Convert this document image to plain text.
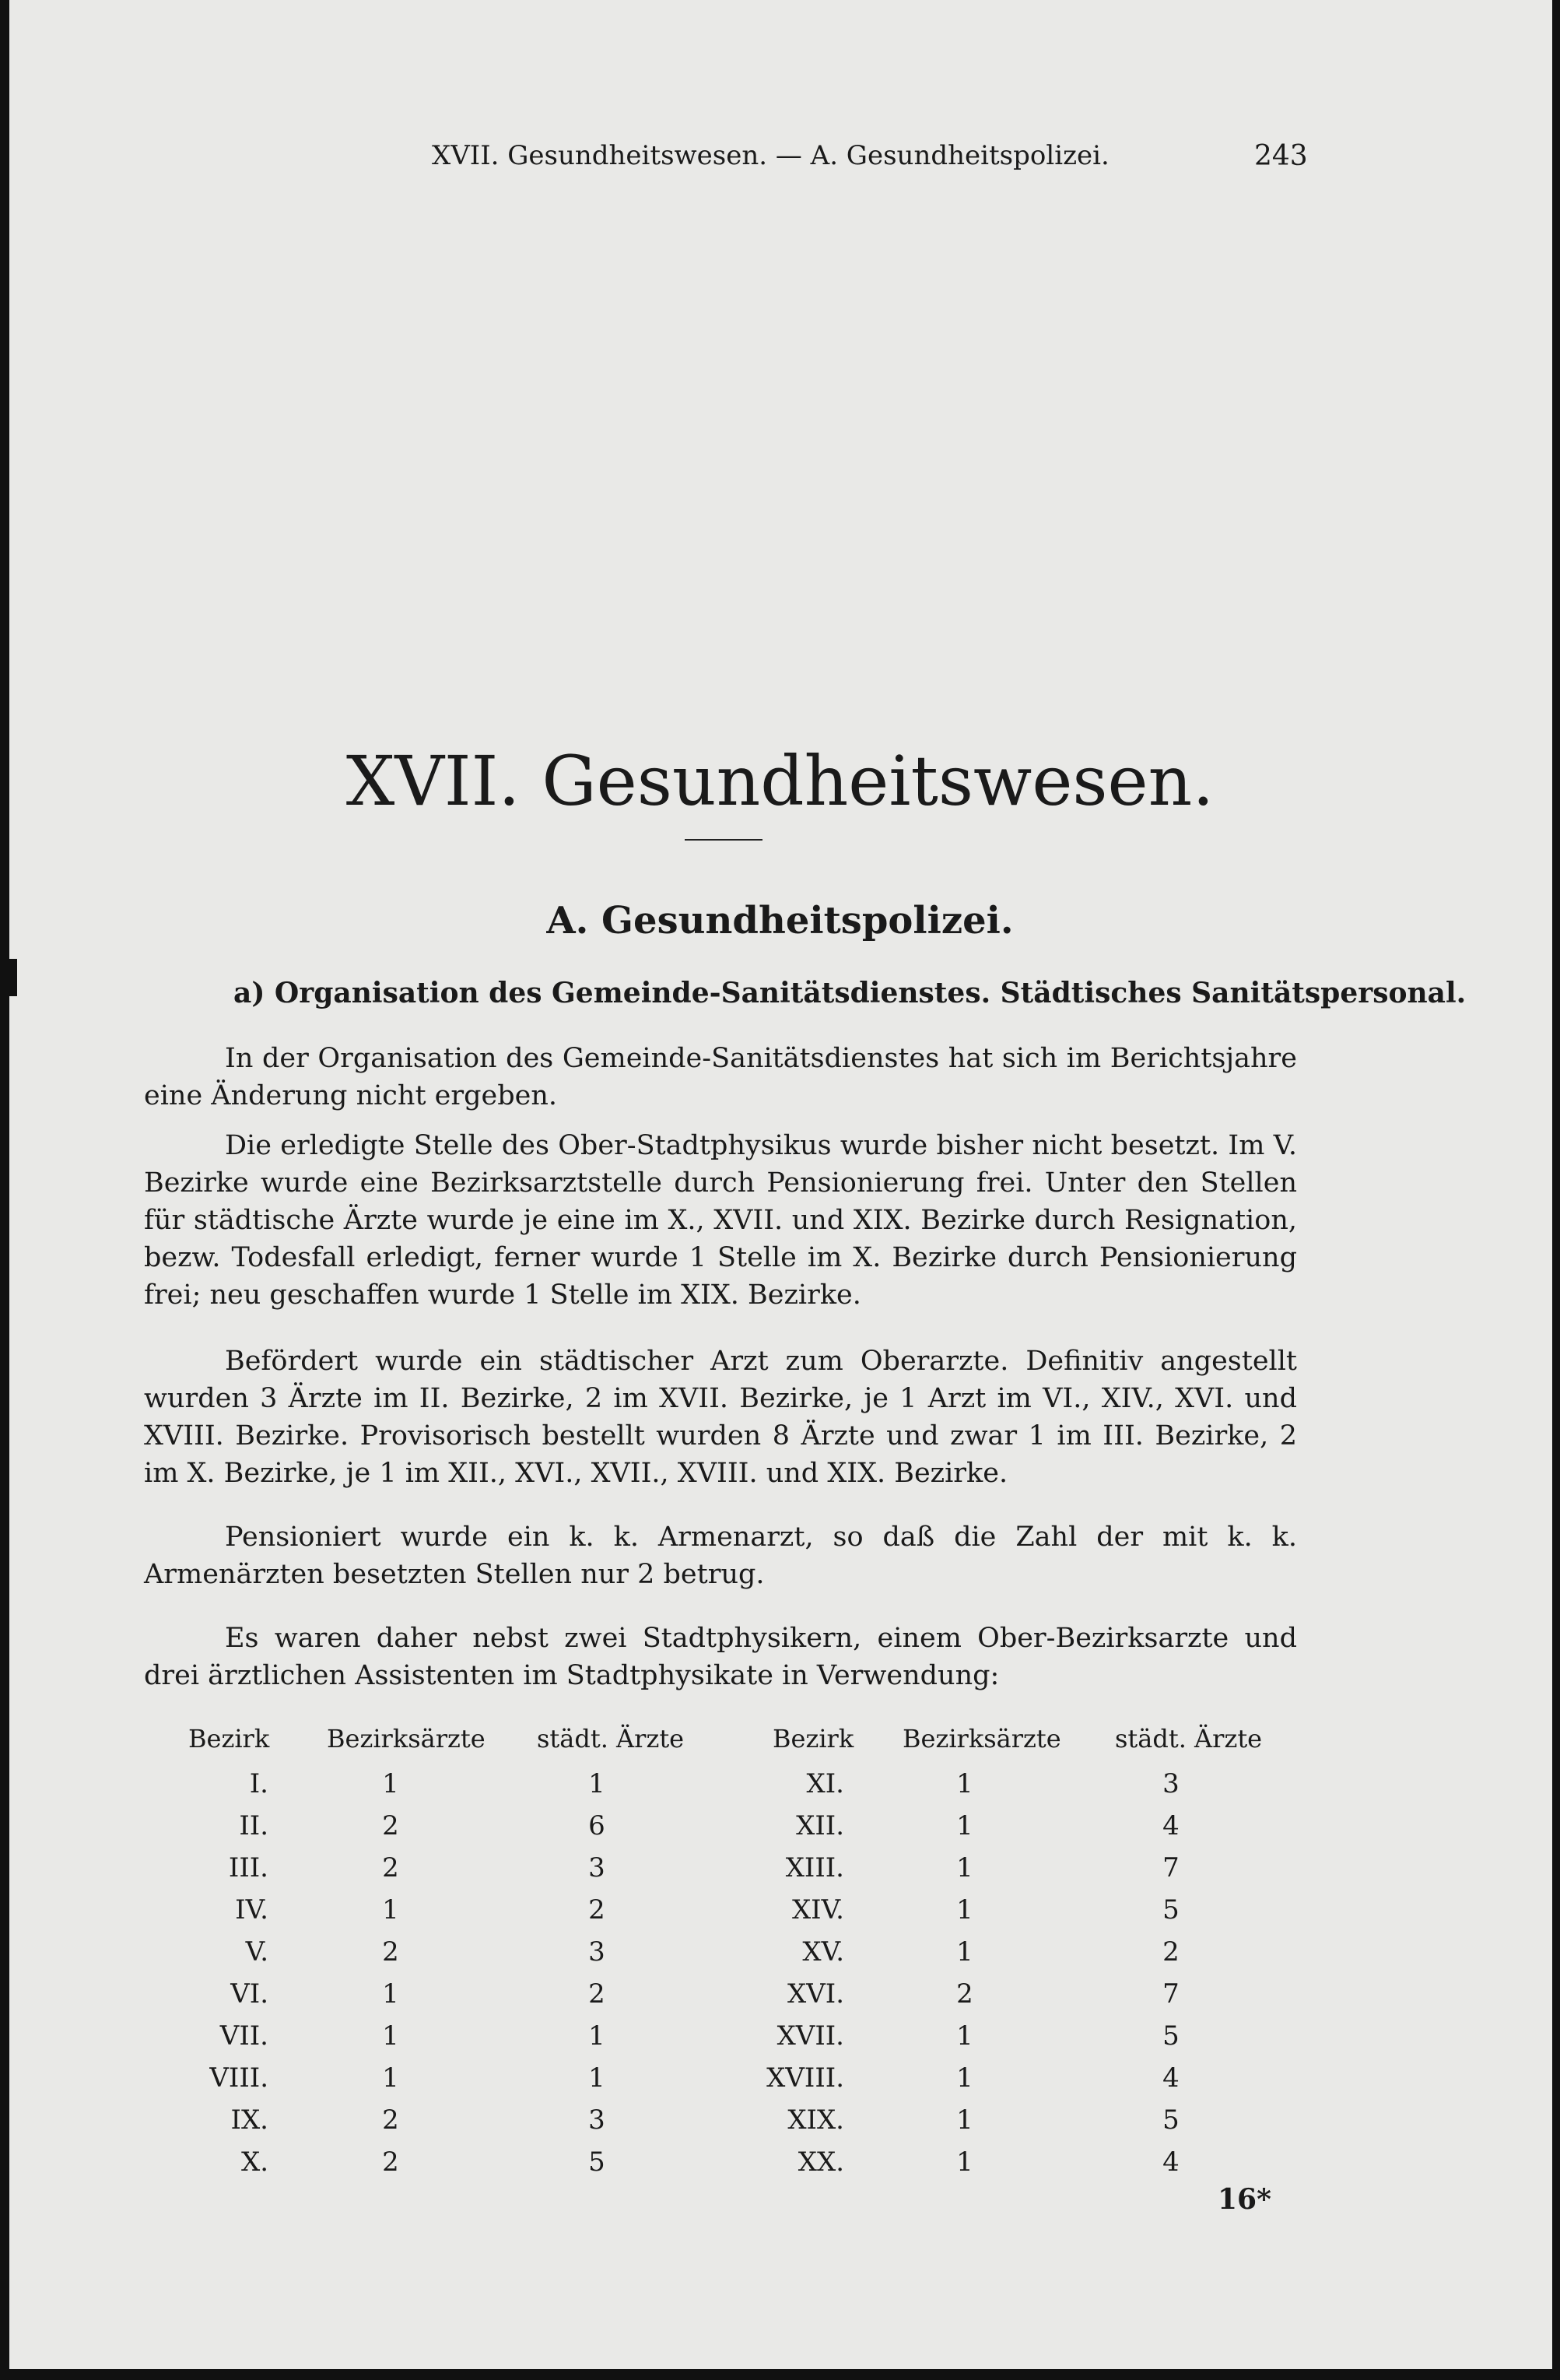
XVII. Gesundheitswesen. — A. Gesundheitspolizei.	243
XVII. Gesundheitswesen.
A. Gesundheitspolizei.
a) Organisation des Gemeinde-Sanitätsdienstes. Städtisches Sanitätspersonal.
In der Organisation des Gemeinde-Sanitätsdienstes hat sich im Berichtsjahre eine Änderung nicht ergeben.
Die erledigte Stelle des Ober-Stadtphysikus wurde bisher nicht besetzt. Im V. Bezirke wurde eine Bezirksarztstelle durch Pensionierung frei. Unter den Stellen für städtische Ärzte wurde je eine im X., XVII. und XIX. Bezirke durch Resignation, bezw. Todesfall erledigt, ferner wurde 1 Stelle im X. Bezirke durch Pensionierung frei; neu geschaffen wurde 1 Stelle im XIX. Bezirke.
Befördert wurde ein städtischer Arzt zum Oberarzte. Definitiv angestellt wurden 3 Ärzte im II. Bezirke, 2 im XVII. Bezirke, je 1 Arzt im VI., XIV., XVI. und XVIII. Bezirke. Provisorisch bestellt wurden 8 Ärzte und zwar 1 im III. Bezirke, 2 im X. Bezirke, je 1 im XII., XVI., XVII., XVIII. und XIX. Bezirke.
Pensioniert wurde ein k. k. Armenarzt, so daß die Zahl der mit k. k. Armenärzten besetzten Stellen nur 2 betrug.
Es waren daher nebst zwei Stadtphysikern, einem Ober-Bezirksarzte und drei ärztlichen Assistenten im Stadtphysikate in Verwendung:
Bezirk Bezirksärzte städt. Ärzte	Bezirk Bezirksärzte städt. Ärzte
I.	1	1	XI.	1	3
II.	2	6	XII.	1	4
III.	2	3	XIII.	1	7
IV.	1	2	XIV.	1	5
V.	2	3	XV.	1	2
VI.	1	2	XVI.	2	7
VII.	1	1	XVII.	1	5
VIII.	1	1	XVIII.	1	4
IX.	2	3	XIX.	1	5
X.	2	5	XX.	1	4
16*
